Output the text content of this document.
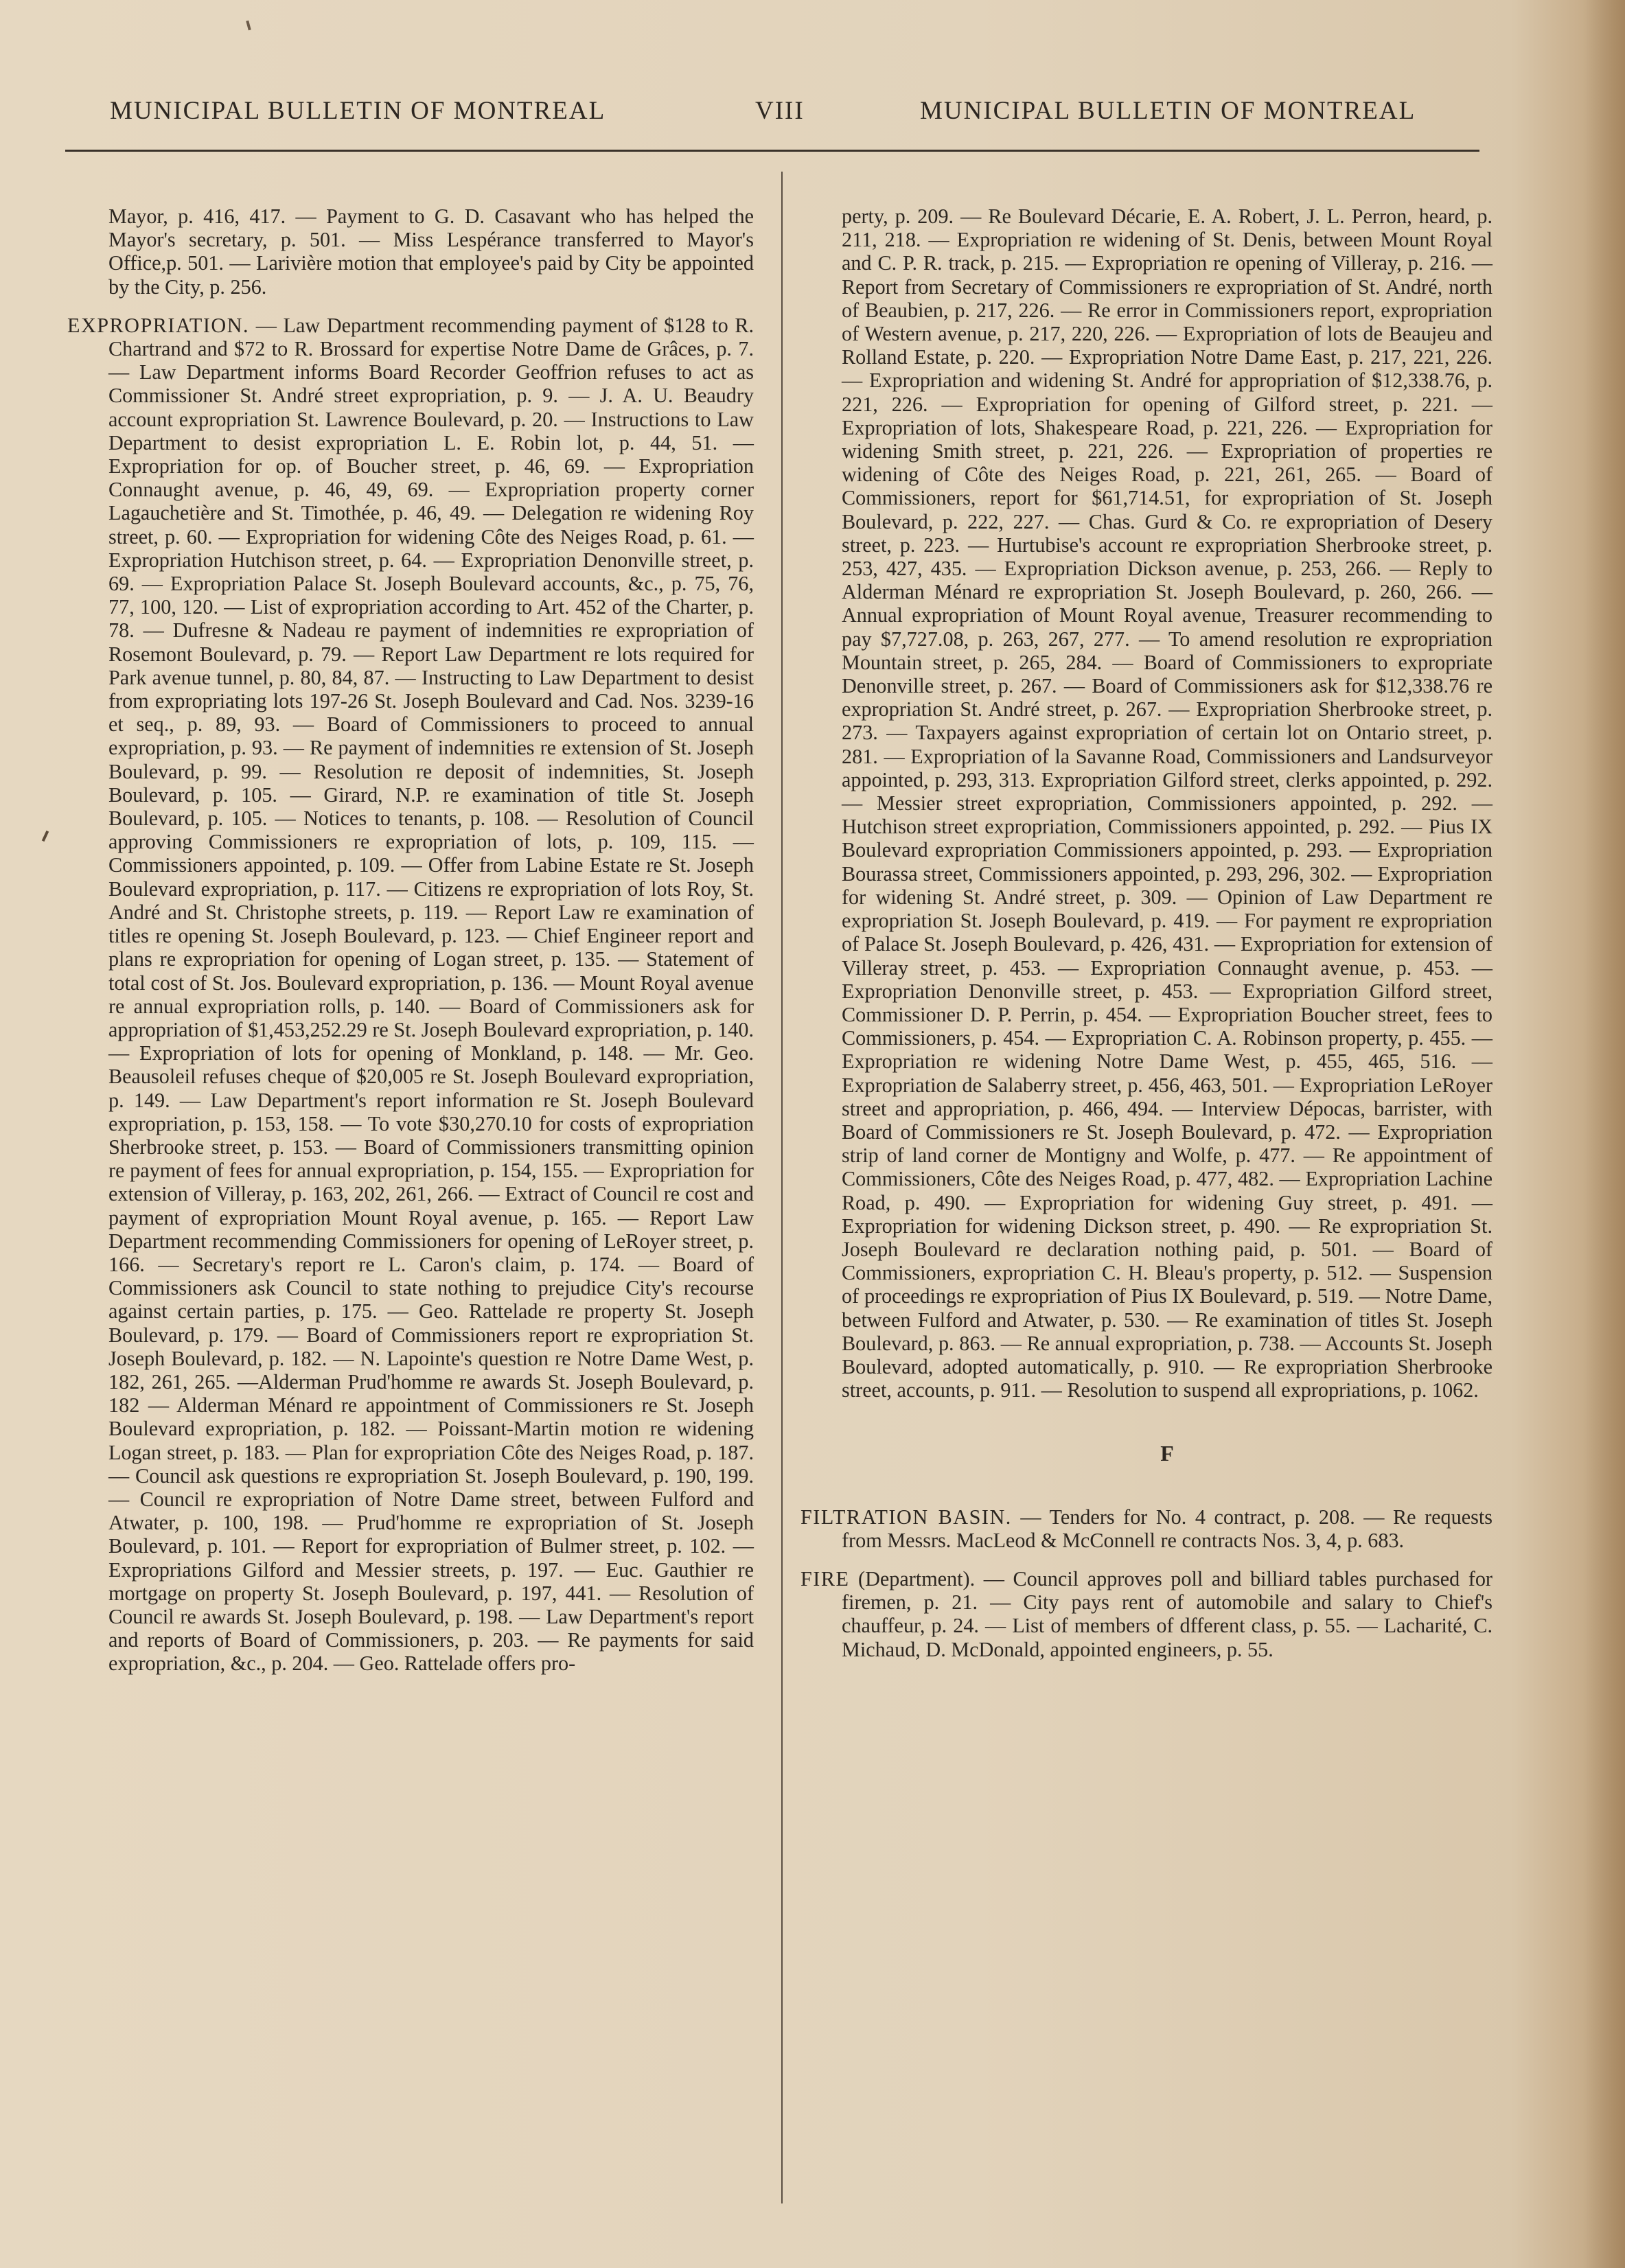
MUNICIPAL BULLETIN OF MONTREAL	VIII	MUNICIPAL BULLETIN OF MONTREAL

Mayor, p. 416, 417. — Payment to G. D. Casavant who has helped the Mayor's secretary, p. 501. — Miss Lespérance transferred to Mayor's Office,p. 501. — Larivière motion that employee's paid by City be appointed by the City, p. 256.

EXPROPRIATION. — Law Department recommending payment of $128 to R. Chartrand and $72 to R. Brossard for expertise Notre Dame de Grâces, p. 7. — Law Department informs Board Recorder Geoffrion refuses to act as Commissioner St. André street expropriation, p. 9. — J. A. U. Beaudry account expropriation St. Lawrence Boulevard, p. 20. — Instructions to Law Department to desist expropriation L. E. Robin lot, p. 44, 51. — Expropriation for op. of Boucher street, p. 46, 69. — Expropriation Connaught avenue, p. 46, 49, 69. — Expropriation property corner Lagauchetière and St. Timothée, p. 46, 49. — Delegation re widening Roy street, p. 60. — Expropriation for widening Côte des Neiges Road, p. 61. — Expropriation Hutchison street, p. 64. — Expropriation Denonville street, p. 69. — Expropriation Palace St. Joseph Boulevard accounts, &c., p. 75, 76, 77, 100, 120. — List of expropriation according to Art. 452 of the Charter, p. 78. — Dufresne & Nadeau re payment of indemnities re expropriation of Rosemont Boulevard, p. 79. — Report Law Department re lots required for Park avenue tunnel, p. 80, 84, 87. — Instructing to Law Department to desist from expropriating lots 197-26 St. Joseph Boulevard and Cad. Nos. 3239-16 et seq., p. 89, 93. — Board of Commissioners to proceed to annual expropriation, p. 93. — Re payment of indemnities re extension of St. Joseph Boulevard, p. 99. — Resolution re deposit of indemnities, St. Joseph Boulevard, p. 105. — Girard, N.P. re examination of title St. Joseph Boulevard, p. 105. — Notices to tenants, p. 108. — Resolution of Council approving Commissioners re expropriation of lots, p. 109, 115. — Commissioners appointed, p. 109. — Offer from Labine Estate re St. Joseph Boulevard expropriation, p. 117. — Citizens re expropriation of lots Roy, St. André and St. Christophe streets, p. 119. — Report Law re examination of titles re opening St. Joseph Boulevard, p. 123. — Chief Engineer report and plans re expropriation for opening of Logan street, p. 135. — Statement of total cost of St. Jos. Boulevard expropriation, p. 136. — Mount Royal avenue re annual expropriation rolls, p. 140. — Board of Commissioners ask for appropriation of $1,453,252.29 re St. Joseph Boulevard expropriation, p. 140. — Expropriation of lots for opening of Monkland, p. 148. — Mr. Geo. Beausoleil refuses cheque of $20,005 re St. Joseph Boulevard expropriation, p. 149. — Law Department's report information re St. Joseph Boulevard expropriation, p. 153, 158. — To vote $30,270.10 for costs of expropriation Sherbrooke street, p. 153. — Board of Commissioners transmitting opinion re payment of fees for annual expropriation, p. 154, 155. — Expropriation for extension of Villeray, p. 163, 202, 261, 266. — Extract of Council re cost and payment of expropriation Mount Royal avenue, p. 165. — Report Law Department recommending Commissioners for opening of LeRoyer street, p. 166. — Secretary's report re L. Caron's claim, p. 174. — Board of Commissioners ask Council to state nothing to prejudice City's recourse against certain parties, p. 175. — Geo. Rattelade re property St. Joseph Boulevard, p. 179. — Board of Commissioners report re expropriation St. Joseph Boulevard, p. 182. — N. Lapointe's question re Notre Dame West, p. 182, 261, 265. —Alderman Prud'homme re awards St. Joseph Boulevard, p. 182 — Alderman Ménard re appointment of Commissioners re St. Joseph Boulevard expropriation, p. 182. — Poissant-Martin motion re widening Logan street, p. 183. — Plan for expropriation Côte des Neiges Road, p. 187. — Council ask questions re expropriation St. Joseph Boulevard, p. 190, 199. — Council re expropriation of Notre Dame street, between Fulford and Atwater, p. 100, 198. — Prud'homme re expropriation of St. Joseph Boulevard, p. 101. — Report for expropriation of Bulmer street, p. 102. — Expropriations Gilford and Messier streets, p. 197. — Euc. Gauthier re mortgage on property St. Joseph Boulevard, p. 197, 441. — Resolution of Council re awards St. Joseph Boulevard, p. 198. — Law Department's report and reports of Board of Commissioners, p. 203. — Re payments for said expropriation, &c., p. 204. — Geo. Rattelade offers pro-

perty, p. 209. — Re Boulevard Décarie, E. A. Robert, J. L. Perron, heard, p. 211, 218. — Expropriation re widening of St. Denis, between Mount Royal and C. P. R. track, p. 215. — Expropriation re opening of Villeray, p. 216. — Report from Secretary of Commissioners re expropriation of St. André, north of Beaubien, p. 217, 226. — Re error in Commissioners report, expropriation of Western avenue, p. 217, 220, 226. — Expropriation of lots de Beaujeu and Rolland Estate, p. 220. — Expropriation Notre Dame East, p. 217, 221, 226. — Expropriation and widening St. André for appropriation of $12,338.76, p. 221, 226. — Expropriation for opening of Gilford street, p. 221. — Expropriation of lots, Shakespeare Road, p. 221, 226. — Expropriation for widening Smith street, p. 221, 226. — Expropriation of properties re widening of Côte des Neiges Road, p. 221, 261, 265. — Board of Commissioners, report for $61,714.51, for expropriation of St. Joseph Boulevard, p. 222, 227. — Chas. Gurd & Co. re expropriation of Desery street, p. 223. — Hurtubise's account re expropriation Sherbrooke street, p. 253, 427, 435. — Expropriation Dickson avenue, p. 253, 266. — Reply to Alderman Ménard re expropriation St. Joseph Boulevard, p. 260, 266. — Annual expropriation of Mount Royal avenue, Treasurer recommending to pay $7,727.08, p. 263, 267, 277. — To amend resolution re expropriation Mountain street, p. 265, 284. — Board of Commissioners to expropriate Denonville street, p. 267. — Board of Commissioners ask for $12,338.76 re expropriation St. André street, p. 267. — Expropriation Sherbrooke street, p. 273. — Taxpayers against expropriation of certain lot on Ontario street, p. 281. — Expropriation of la Savanne Road, Commissioners and Landsurveyor appointed, p. 293, 313. Expropriation Gilford street, clerks appointed, p. 292. — Messier street expropriation, Commissioners appointed, p. 292. — Hutchison street expropriation, Commissioners appointed, p. 292. — Pius IX Boulevard expropriation Commissioners appointed, p. 293. — Expropriation Bourassa street, Commissioners appointed, p. 293, 296, 302. — Expropriation for widening St. André street, p. 309. — Opinion of Law Department re expropriation St. Joseph Boulevard, p. 419. — For payment re expropriation of Palace St. Joseph Boulevard, p. 426, 431. — Expropriation for extension of Villeray street, p. 453. — Expropriation Connaught avenue, p. 453. — Expropriation Denonville street, p. 453. — Expropriation Gilford street, Commissioner D. P. Perrin, p. 454. — Expropriation Boucher street, fees to Commissioners, p. 454. — Expropriation C. A. Robinson property, p. 455. — Expropriation re widening Notre Dame West, p. 455, 465, 516. — Expropriation de Salaberry street, p. 456, 463, 501. — Expropriation LeRoyer street and appropriation, p. 466, 494. — Interview Dépocas, barrister, with Board of Commissioners re St. Joseph Boulevard, p. 472. — Expropriation strip of land corner de Montigny and Wolfe, p. 477. — Re appointment of Commissioners, Côte des Neiges Road, p. 477, 482. — Expropriation Lachine Road, p. 490. — Expropriation for widening Guy street, p. 491. — Expropriation for widening Dickson street, p. 490. — Re expropriation St. Joseph Boulevard re declaration nothing paid, p. 501. — Board of Commissioners, expropriation C. H. Bleau's property, p. 512. — Suspension of proceedings re expropriation of Pius IX Boulevard, p. 519. — Notre Dame, between Fulford and Atwater, p. 530. — Re examination of titles St. Joseph Boulevard, p. 863. — Re annual expropriation, p. 738. — Accounts St. Joseph Boulevard, adopted automatically, p. 910. — Re expropriation Sherbrooke street, accounts, p. 911. — Resolution to suspend all expropriations, p. 1062.

F

FILTRATION BASIN. — Tenders for No. 4 contract, p. 208. — Re requests from Messrs. MacLeod & McConnell re contracts Nos. 3, 4, p. 683.

FIRE (Department). — Council approves poll and billiard tables purchased for firemen, p. 21. — City pays rent of automobile and salary to Chief's chauffeur, p. 24. — List of members of dfferent class, p. 55. — Lacharité, C. Michaud, D. McDonald, appointed engineers, p. 55.
